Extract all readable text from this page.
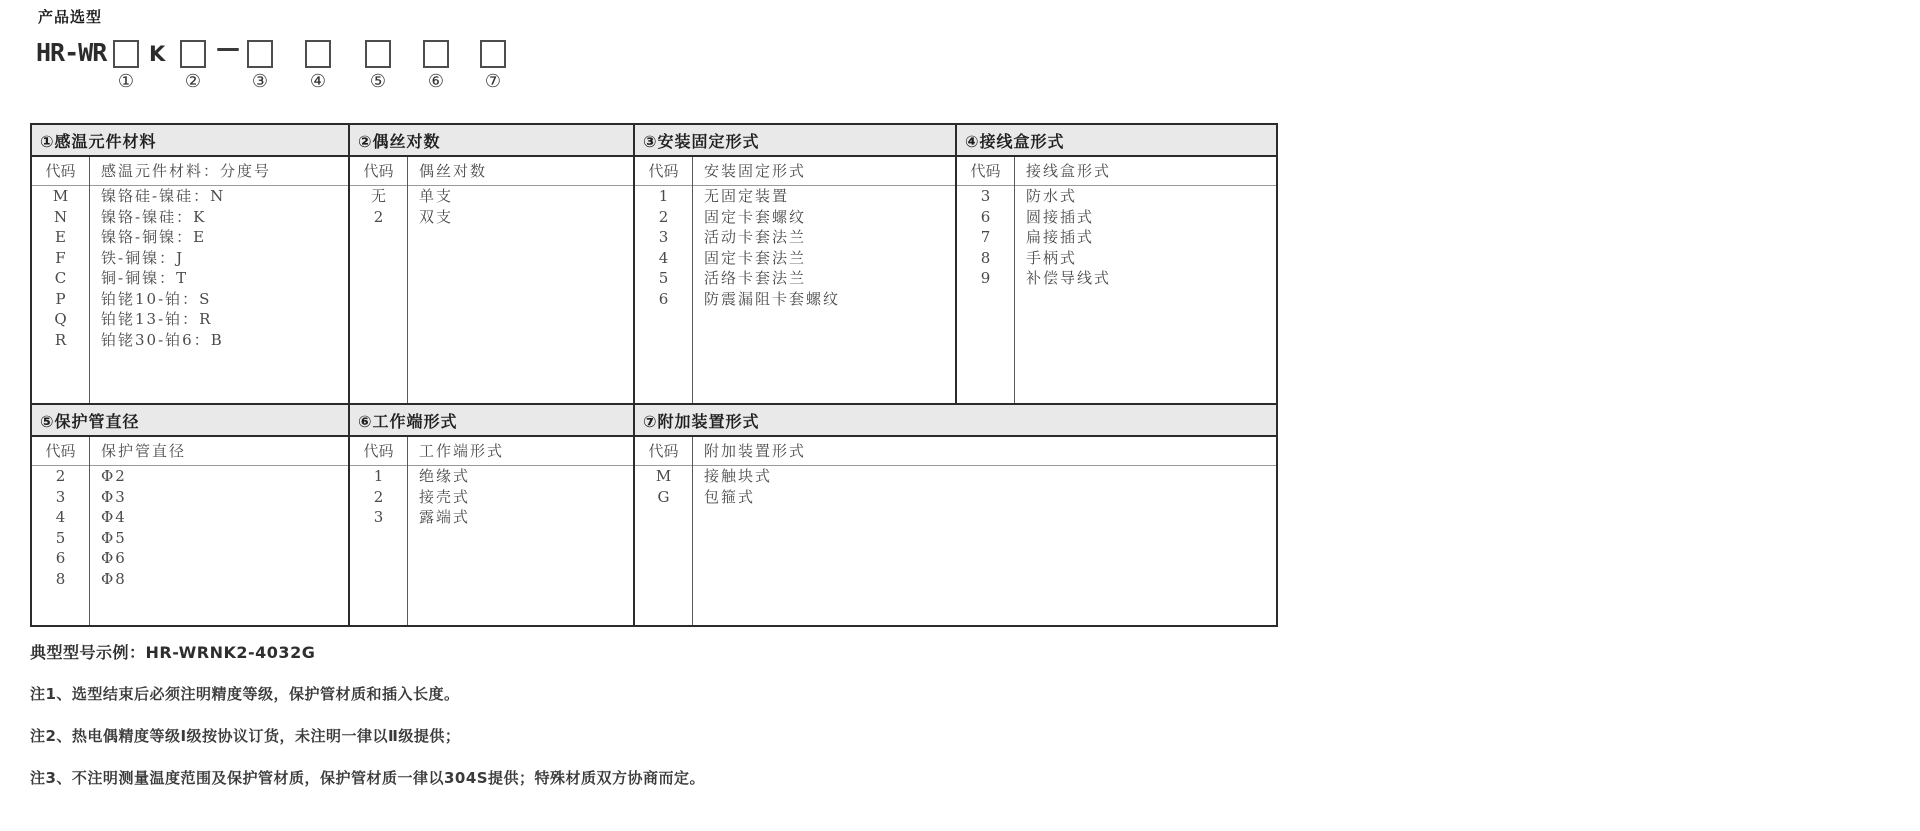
产品选型
HR-WR K —
①	②	③ ④ ⑤ ⑥ ⑦
①感温元件材料
代码	感温元件材料：分度号
M	镍铬硅-镍硅：N
N	镍铬-镍硅：K
E	镍铬-铜镍：E
F	铁-铜镍：J
C	铜-铜镍：T
P	铂铑10-铂：S
Q	铂铑13-铂：R
R	铂铑30-铂6：B
②偶丝对数
代码	偶丝对数
无	单支
2	双支
③安装固定形式
代码	安装固定形式
1	无固定装置
2	固定卡套螺纹
3	活动卡套法兰
4	固定卡套法兰
5	活络卡套法兰
6	防震漏阻卡套螺纹
④接线盒形式
代码	接线盒形式
3	防水式
6	圆接插式
7	扁接插式
8	手柄式
9	补偿导线式
⑤保护管直径
代码	保护管直径
2	Φ2
3	Φ3
4	Φ4
5	Φ5
6	Φ6
8	Φ8
⑥工作端形式
代码	工作端形式
1	绝缘式
2	接壳式
3	露端式
⑦附加装置形式
代码	附加装置形式
M	接触块式
G	包箍式
典型型号示例：HR-WRNK2-4032G
注1、选型结束后必须注明精度等级，保护管材质和插入长度。
注2、热电偶精度等级I级按协议订货，未注明一律以Ⅱ级提供；
注3、不注明测量温度范围及保护管材质，保护管材质一律以304S提供；特殊材质双方协商而定。
